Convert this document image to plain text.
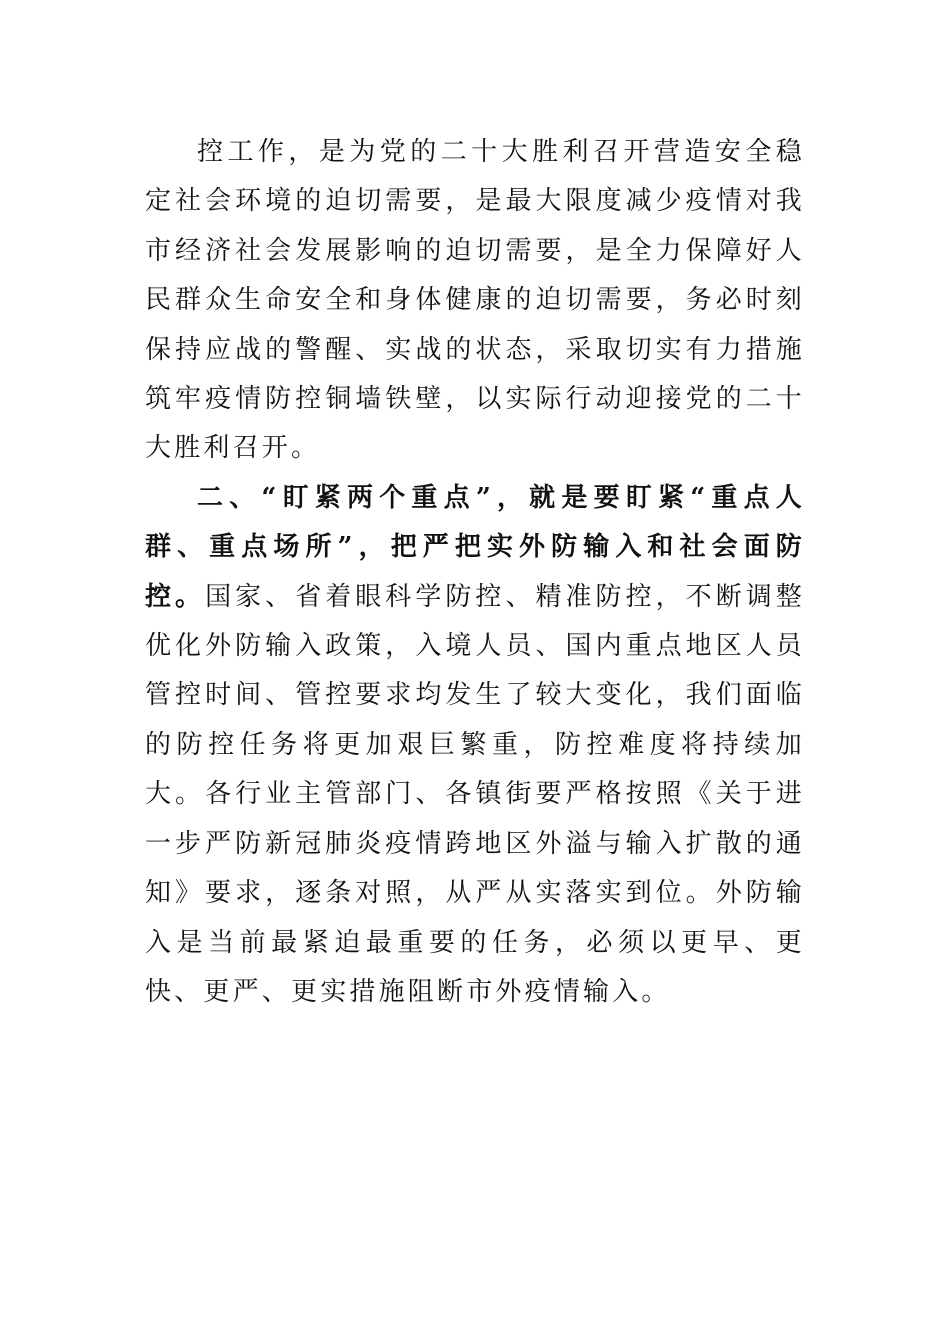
控工作，是为党的二十大胜利召开营造安全稳定社会环境的迫切需要，是最大限度减少疫情对我市经济社会发展影响的迫切需要，是全力保障好人民群众生命安全和身体健康的迫切需要，务必时刻保持应战的警醒、实战的状态，采取切实有力措施筑牢疫情防控铜墙铁壁，以实际行动迎接党的二十大胜利召开。

二、“盯紧两个重点”，就是要盯紧“重点人群、重点场所”，把严把实外防输入和社会面防控。国家、省着眼科学防控、精准防控，不断调整优化外防输入政策，入境人员、国内重点地区人员管控时间、管控要求均发生了较大变化，我们面临的防控任务将更加艰巨繁重，防控难度将持续加大。各行业主管部门、各镇街要严格按照《关于进一步严防新冠肺炎疫情跨地区外溢与输入扩散的通知》要求，逐条对照，从严从实落实到位。外防输入是当前最紧迫最重要的任务，必须以更早、更快、更严、更实措施阻断市外疫情输入。
